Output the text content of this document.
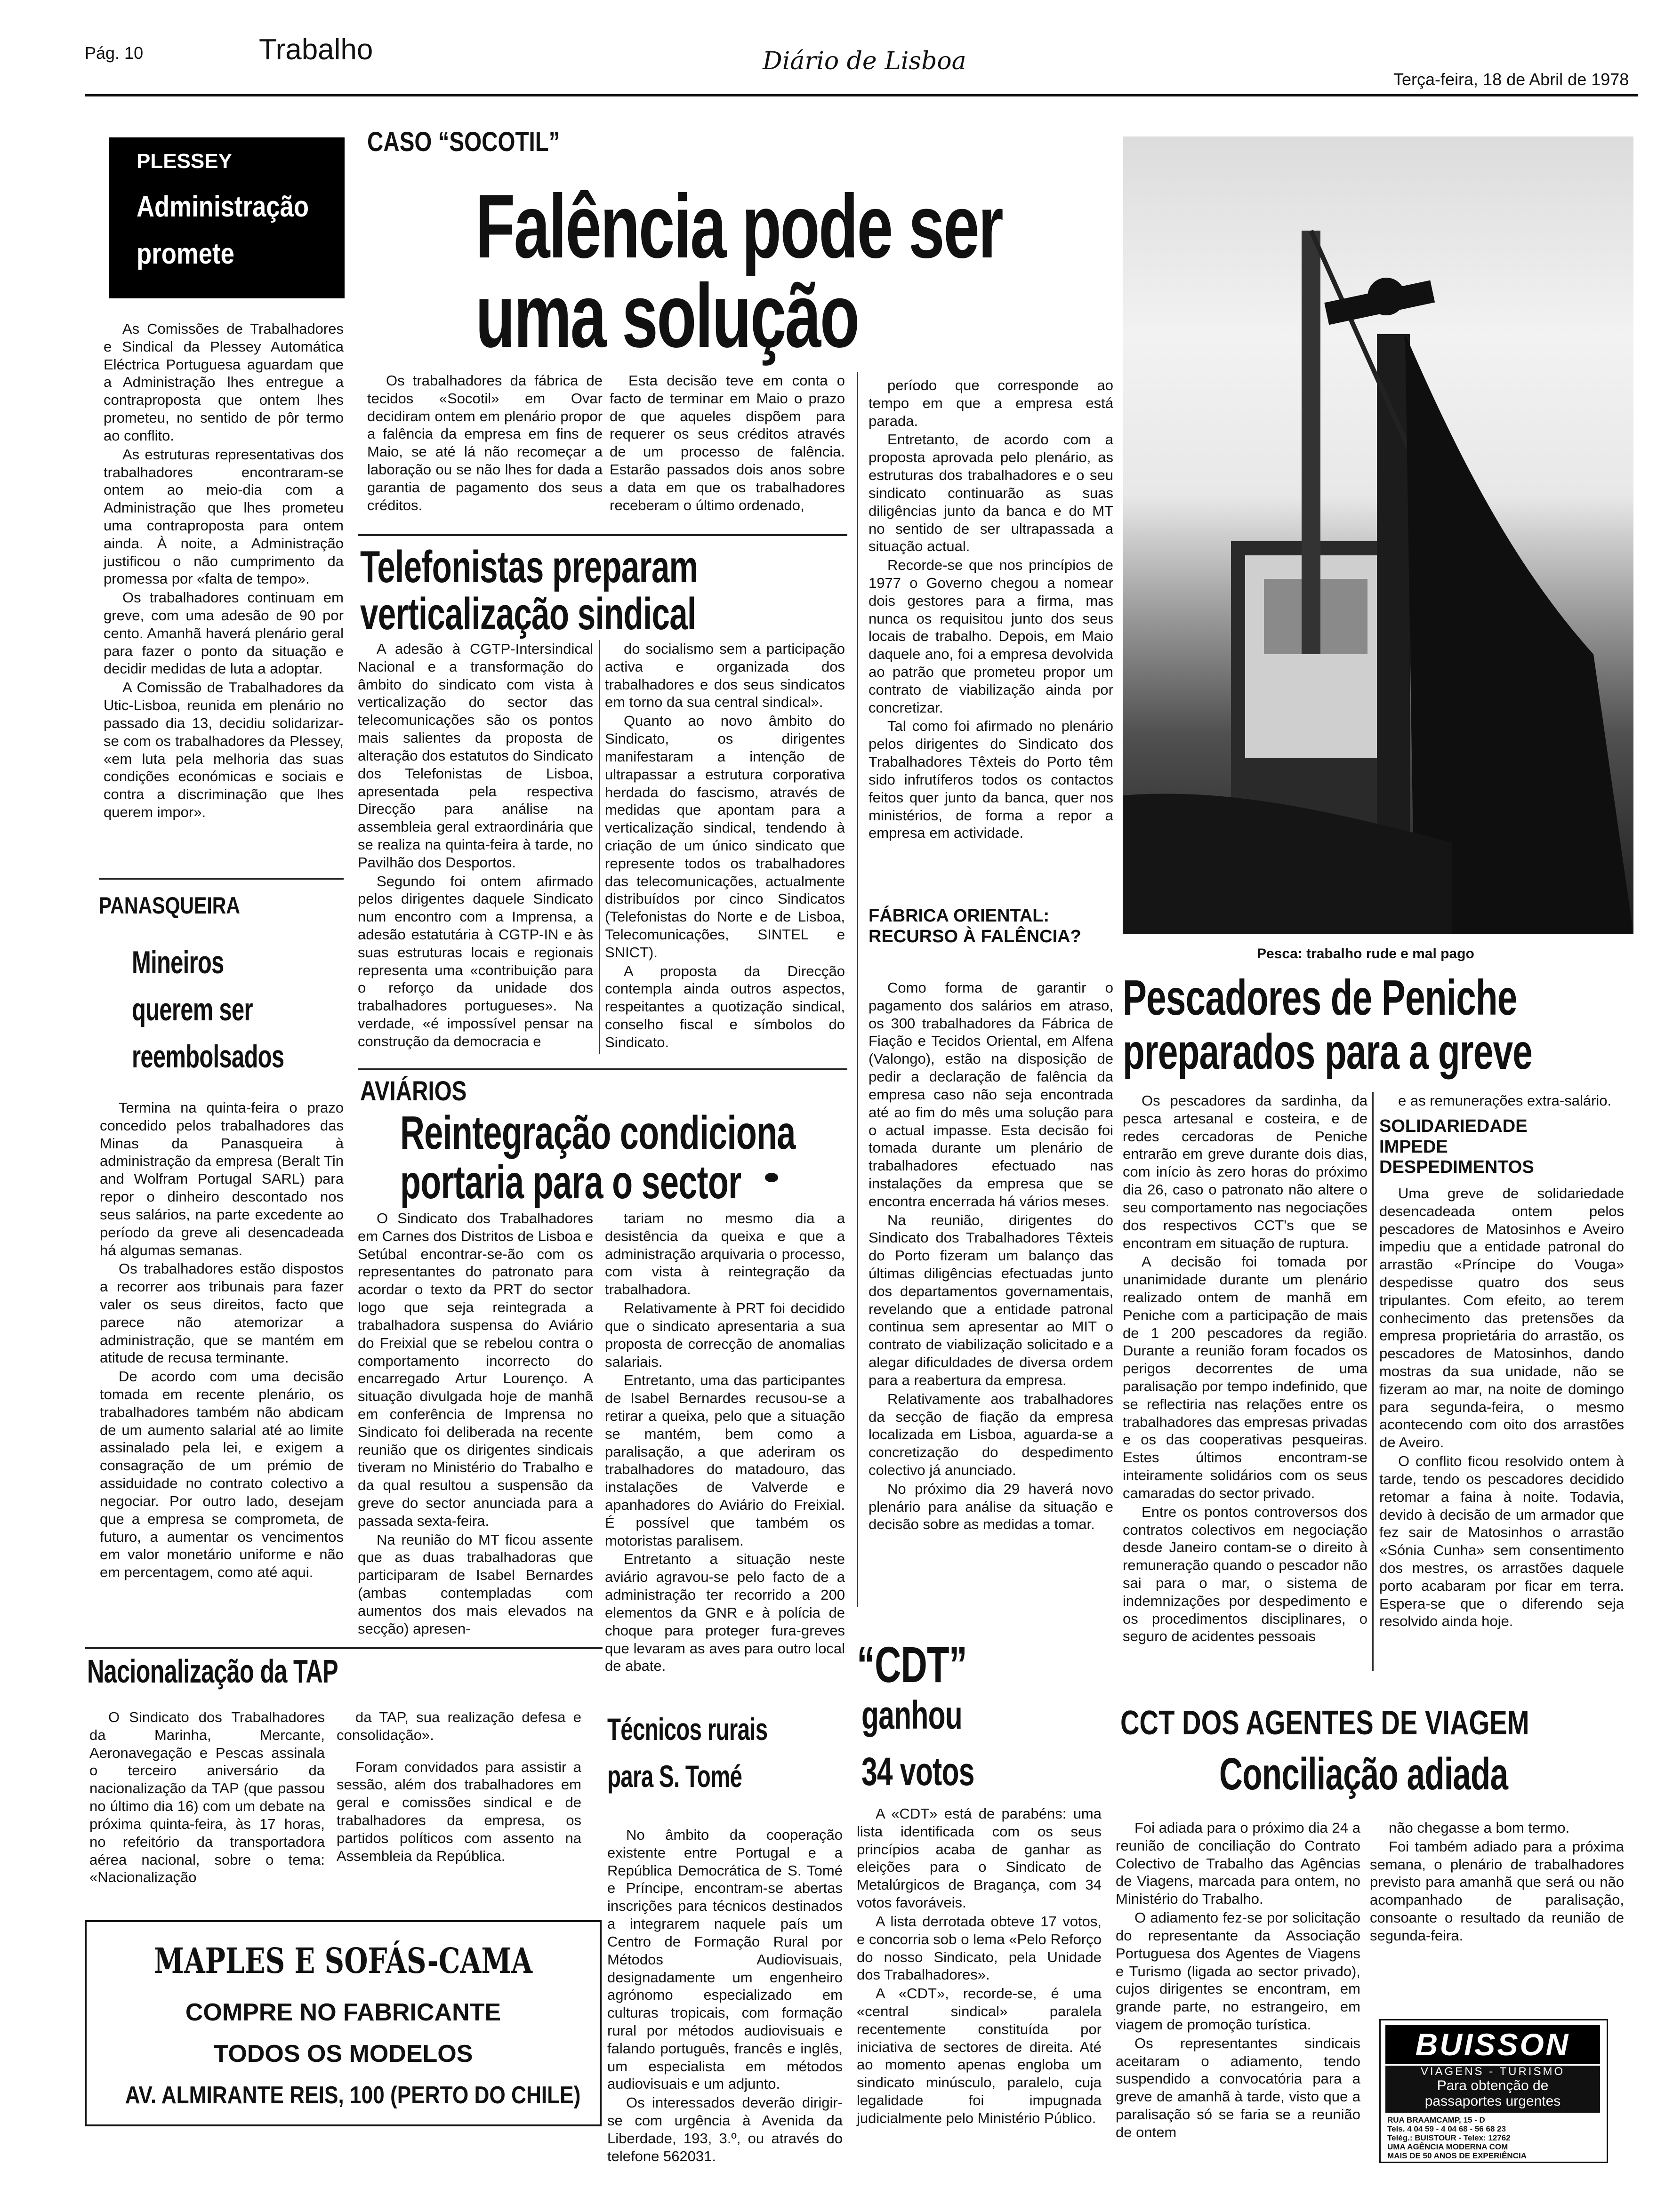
Pág. 10	Trabalho	Diário de Lisboa
Terça-feira, 18 de Abril de 1978
PLESSEY
Administração
promete

As Comissões de Trabalhadores e Sindical da Plessey Automática Eléctrica Portuguesa aguardam que a Administração lhes entregue a contraproposta que ontem lhes prometeu, no sentido de pôr termo ao conflito.

As estruturas representativas dos trabalhadores encontraram-se ontem ao meio-dia com a Administração que lhes prometeu uma contraproposta para ontem ainda. À noite, a Administração justificou o não cumprimento da promessa por «falta de tempo».

Os trabalhadores continuam em greve, com uma adesão de 90 por cento. Amanhã haverá plenário geral para fazer o ponto da situação e decidir medidas de luta a adoptar.

A Comissão de Trabalhadores da Utic-Lisboa, reunida em plenário no passado dia 13, decidiu solidarizar-se com os trabalhadores da Plessey, «em luta pela melhoria das suas condições económicas e sociais e contra a discriminação que lhes querem impor».

PANASQUEIRA
Mineiros
querem ser
reembolsados

Termina na quinta-feira o prazo concedido pelos trabalhadores das Minas da Panasqueira à administração da empresa (Beralt Tin and Wolfram Portugal SARL) para repor o dinheiro descontado nos seus salários, na parte excedente ao período da greve ali desencadeada há algumas semanas.

Os trabalhadores estão dispostos a recorrer aos tribunais para fazer valer os seus direitos, facto que parece não atemorizar a administração, que se mantém em atitude de recusa terminante.

De acordo com uma decisão tomada em recente plenário, os trabalhadores também não abdicam de um aumento salarial até ao limite assinalado pela lei, e exigem a consagração de um prémio de assiduidade no contrato colectivo a negociar. Por outro lado, desejam que a empresa se comprometa, de futuro, a aumentar os vencimentos em valor monetário uniforme e não em percentagem, como até aqui.

CASO “SOCOTIL”
Falência pode ser
uma solução

Os trabalhadores da fábrica de tecidos «Socotil» em Ovar decidiram ontem em plenário propor a falência da empresa em fins de Maio, se até lá não recomeçar a laboração ou se não lhes for dada a garantia de pagamento dos seus créditos.

Esta decisão teve em conta o facto de terminar em Maio o prazo de que aqueles dispõem para requerer os seus créditos através de um processo de falência. Estarão passados dois anos sobre a data em que os trabalhadores receberam o último ordenado,

período que corresponde ao tempo em que a empresa está parada.

Entretanto, de acordo com a proposta aprovada pelo plenário, as estruturas dos trabalhadores e o seu sindicato continuarão as suas diligências junto da banca e do MT no sentido de ser ultrapassada a situação actual.

Recorde-se que nos princípios de 1977 o Governo chegou a nomear dois gestores para a firma, mas nunca os requisitou junto dos seus locais de trabalho. Depois, em Maio daquele ano, foi a empresa devolvida ao patrão que prometeu propor um contrato de viabilização ainda por concretizar.

Tal como foi afirmado no plenário pelos dirigentes do Sindicato dos Trabalhadores Têxteis do Porto têm sido infrutíferos todos os contactos feitos quer junto da banca, quer nos ministérios, de forma a repor a empresa em actividade.

FÁBRICA ORIENTAL: RECURSO À FALÊNCIA?

Como forma de garantir o pagamento dos salários em atraso, os 300 trabalhadores da Fábrica de Fiação e Tecidos Oriental, em Alfena (Valongo), estão na disposição de pedir a declaração de falência da empresa caso não seja encontrada até ao fim do mês uma solução para o actual impasse. Esta decisão foi tomada durante um plenário de trabalhadores efectuado nas instalações da empresa que se encontra encerrada há vários meses.

Na reunião, dirigentes do Sindicato dos Trabalhadores Têxteis do Porto fizeram um balanço das últimas diligências efectuadas junto dos departamentos governamentais, revelando que a entidade patronal continua sem apresentar ao MIT o contrato de viabilização solicitado e a alegar dificuldades de diversa ordem para a reabertura da empresa.

Relativamente aos trabalhadores da secção de fiação da empresa localizada em Lisboa, aguarda-se a concretização do despedimento colectivo já anunciado.

No próximo dia 29 haverá novo plenário para análise da situação e decisão sobre as medidas a tomar.

Telefonistas preparam
verticalização sindical

A adesão à CGTP-Intersindical Nacional e a transformação do âmbito do sindicato com vista à verticalização do sector das telecomunicações são os pontos mais salientes da proposta de alteração dos estatutos do Sindicato dos Telefonistas de Lisboa, apresentada pela respectiva Direcção para análise na assembleia geral extraordinária que se realiza na quinta-feira à tarde, no Pavilhão dos Desportos.

Segundo foi ontem afirmado pelos dirigentes daquele Sindicato num encontro com a Imprensa, a adesão estatutária à CGTP-IN e às suas estruturas locais e regionais representa uma «contribuição para o reforço da unidade dos trabalhadores portugueses». Na verdade, «é impossível pensar na construção da democracia e

do socialismo sem a participação activa e organizada dos trabalhadores e dos seus sindicatos em torno da sua central sindical».

Quanto ao novo âmbito do Sindicato, os dirigentes manifestaram a intenção de ultrapassar a estrutura corporativa herdada do fascismo, através de medidas que apontam para a verticalização sindical, tendendo à criação de um único sindicato que represente todos os trabalhadores das telecomunicações, actualmente distribuídos por cinco Sindicatos (Telefonistas do Norte e de Lisboa, Telecomunicações, SINTEL e SNICT).

A proposta da Direcção contempla ainda outros aspectos, respeitantes a quotização sindical, conselho fiscal e símbolos do Sindicato.

AVIÁRIOS
Reintegração condiciona
portaria para o sector

O Sindicato dos Trabalhadores em Carnes dos Distritos de Lisboa e Setúbal encontrar-se-ão com os representantes do patronato para acordar o texto da PRT do sector logo que seja reintegrada a trabalhadora suspensa do Aviário do Freixial que se rebelou contra o comportamento incorrecto do encarregado Artur Lourenço. A situação divulgada hoje de manhã em conferência de Imprensa no Sindicato foi deliberada na recente reunião que os dirigentes sindicais tiveram no Ministério do Trabalho e da qual resultou a suspensão da greve do sector anunciada para a passada sexta-feira.

Na reunião do MT ficou assente que as duas trabalhadoras que participaram de Isabel Bernardes (ambas contempladas com aumentos dos mais elevados na secção) apresen-

tariam no mesmo dia a desistência da queixa e que a administração arquivaria o processo, com vista à reintegração da trabalhadora.

Relativamente à PRT foi decidido que o sindicato apresentaria a sua proposta de correcção de anomalias salariais.

Entretanto, uma das participantes de Isabel Bernardes recusou-se a retirar a queixa, pelo que a situação se mantém, bem como a paralisação, a que aderiram os trabalhadores do matadouro, das instalações de Valverde e apanhadores do Aviário do Freixial. É possível que também os motoristas paralisem.

Entretanto a situação neste aviário agravou-se pelo facto de a administração ter recorrido a 200 elementos da GNR e à polícia de choque para proteger fura-greves que levaram as aves para outro local de abate.

Pesca: trabalho rude e mal pago
Pescadores de Peniche
preparados para a greve

Os pescadores da sardinha, da pesca artesanal e costeira, e de redes cercadoras de Peniche entrarão em greve durante dois dias, com início às zero horas do próximo dia 26, caso o patronato não altere o seu comportamento nas negociações dos respectivos CCT's que se encontram em situação de ruptura.

A decisão foi tomada por unanimidade durante um plenário realizado ontem de manhã em Peniche com a participação de mais de 1 200 pescadores da região. Durante a reunião foram focados os perigos decorrentes de uma paralisação por tempo indefinido, que se reflectiria nas relações entre os trabalhadores das empresas privadas e os das cooperativas pesqueiras. Estes últimos encontram-se inteiramente solidários com os seus camaradas do sector privado.

Entre os pontos controversos dos contratos colectivos em negociação desde Janeiro contam-se o direito à remuneração quando o pescador não sai para o mar, o sistema de indemnizações por despedimento e os procedimentos disciplinares, o seguro de acidentes pessoais

e as remunerações extra-salário.

SOLIDARIEDADE IMPEDE DESPEDIMENTOS

Uma greve de solidariedade desencadeada ontem pelos pescadores de Matosinhos e Aveiro impediu que a entidade patronal do arrastão «Príncipe do Vouga» despedisse quatro dos seus tripulantes. Com efeito, ao terem conhecimento das pretensões da empresa proprietária do arrastão, os pescadores de Matosinhos, dando mostras da sua unidade, não se fizeram ao mar, na noite de domingo para segunda-feira, o mesmo acontecendo com oito dos arrastões de Aveiro.

O conflito ficou resolvido ontem à tarde, tendo os pescadores decidido retomar a faina à noite. Todavia, devido à decisão de um armador que fez sair de Matosinhos o arrastão «Sónia Cunha» sem consentimento dos mestres, os arrastões daquele porto acabaram por ficar em terra. Espera-se que o diferendo seja resolvido ainda hoje.

“CDT”
ganhou
34 votos

A «CDT» está de parabéns: uma lista identificada com os seus princípios acaba de ganhar as eleições para o Sindicato de Metalúrgicos de Bragança, com 34 votos favoráveis.

A lista derrotada obteve 17 votos, e concorria sob o lema «Pelo Reforço do nosso Sindicato, pela Unidade dos Trabalhadores».

A «CDT», recorde-se, é uma «central sindical» paralela recentemente constituída por iniciativa de sectores de direita. Até ao momento apenas engloba um sindicato minúsculo, paralelo, cuja legalidade foi impugnada judicialmente pelo Ministério Público.

Nacionalização da TAP

O Sindicato dos Trabalhadores da Marinha, Mercante, Aeronavegação e Pescas assinala o terceiro aniversário da nacionalização da TAP (que passou no último dia 16) com um debate na próxima quinta-feira, às 17 horas, no refeitório da transportadora aérea nacional, sobre o tema: «Nacionalização

da TAP, sua realização defesa e consolidação».

Foram convidados para assistir a sessão, além dos trabalhadores em geral e comissões sindical e de trabalhadores da empresa, os partidos políticos com assento na Assembleia da República.

MAPLES E SOFÁS-CAMA
COMPRE NO FABRICANTE
TODOS OS MODELOS
AV. ALMIRANTE REIS, 100 (PERTO DO CHILE)
Técnicos rurais
para S. Tomé

No âmbito da cooperação existente entre Portugal e a República Democrática de S. Tomé e Príncipe, encontram-se abertas inscrições para técnicos destinados a integrarem naquele país um Centro de Formação Rural por Métodos Audiovisuais, designadamente um engenheiro agrónomo especializado em culturas tropicais, com formação rural por métodos audiovisuais e falando português, francês e inglês, um especialista em métodos audiovisuais e um adjunto.

Os interessados deverão dirigir-se com urgência à Avenida da Liberdade, 193, 3.º, ou através do telefone 562031.

CCT DOS AGENTES DE VIAGEM
Conciliação adiada

Foi adiada para o próximo dia 24 a reunião de conciliação do Contrato Colectivo de Trabalho das Agências de Viagens, marcada para ontem, no Ministério do Trabalho.

O adiamento fez-se por solicitação do representante da Associação Portuguesa dos Agentes de Viagens e Turismo (ligada ao sector privado), cujos dirigentes se encontram, em grande parte, no estrangeiro, em viagem de promoção turística.

Os representantes sindicais aceitaram o adiamento, tendo suspendido a convocatória para a greve de amanhã à tarde, visto que a paralisação só se faria se a reunião de ontem

não chegasse a bom termo.

Foi também adiado para a próxima semana, o plenário de trabalhadores previsto para amanhã que será ou não acompanhado de paralisação, consoante o resultado da reunião de segunda-feira.

BUISSON
VIAGENS - TURISMO
Para obtenção de
passaportes urgentes
RUA BRAAMCAMP, 15 - D
Tels. 4 04 59 - 4 04 68 - 56 68 23
Telég.: BUISTOUR - Telex: 12762
UMA AGÊNCIA MODERNA COM
MAIS DE 50 ANOS DE EXPERIÊNCIA
